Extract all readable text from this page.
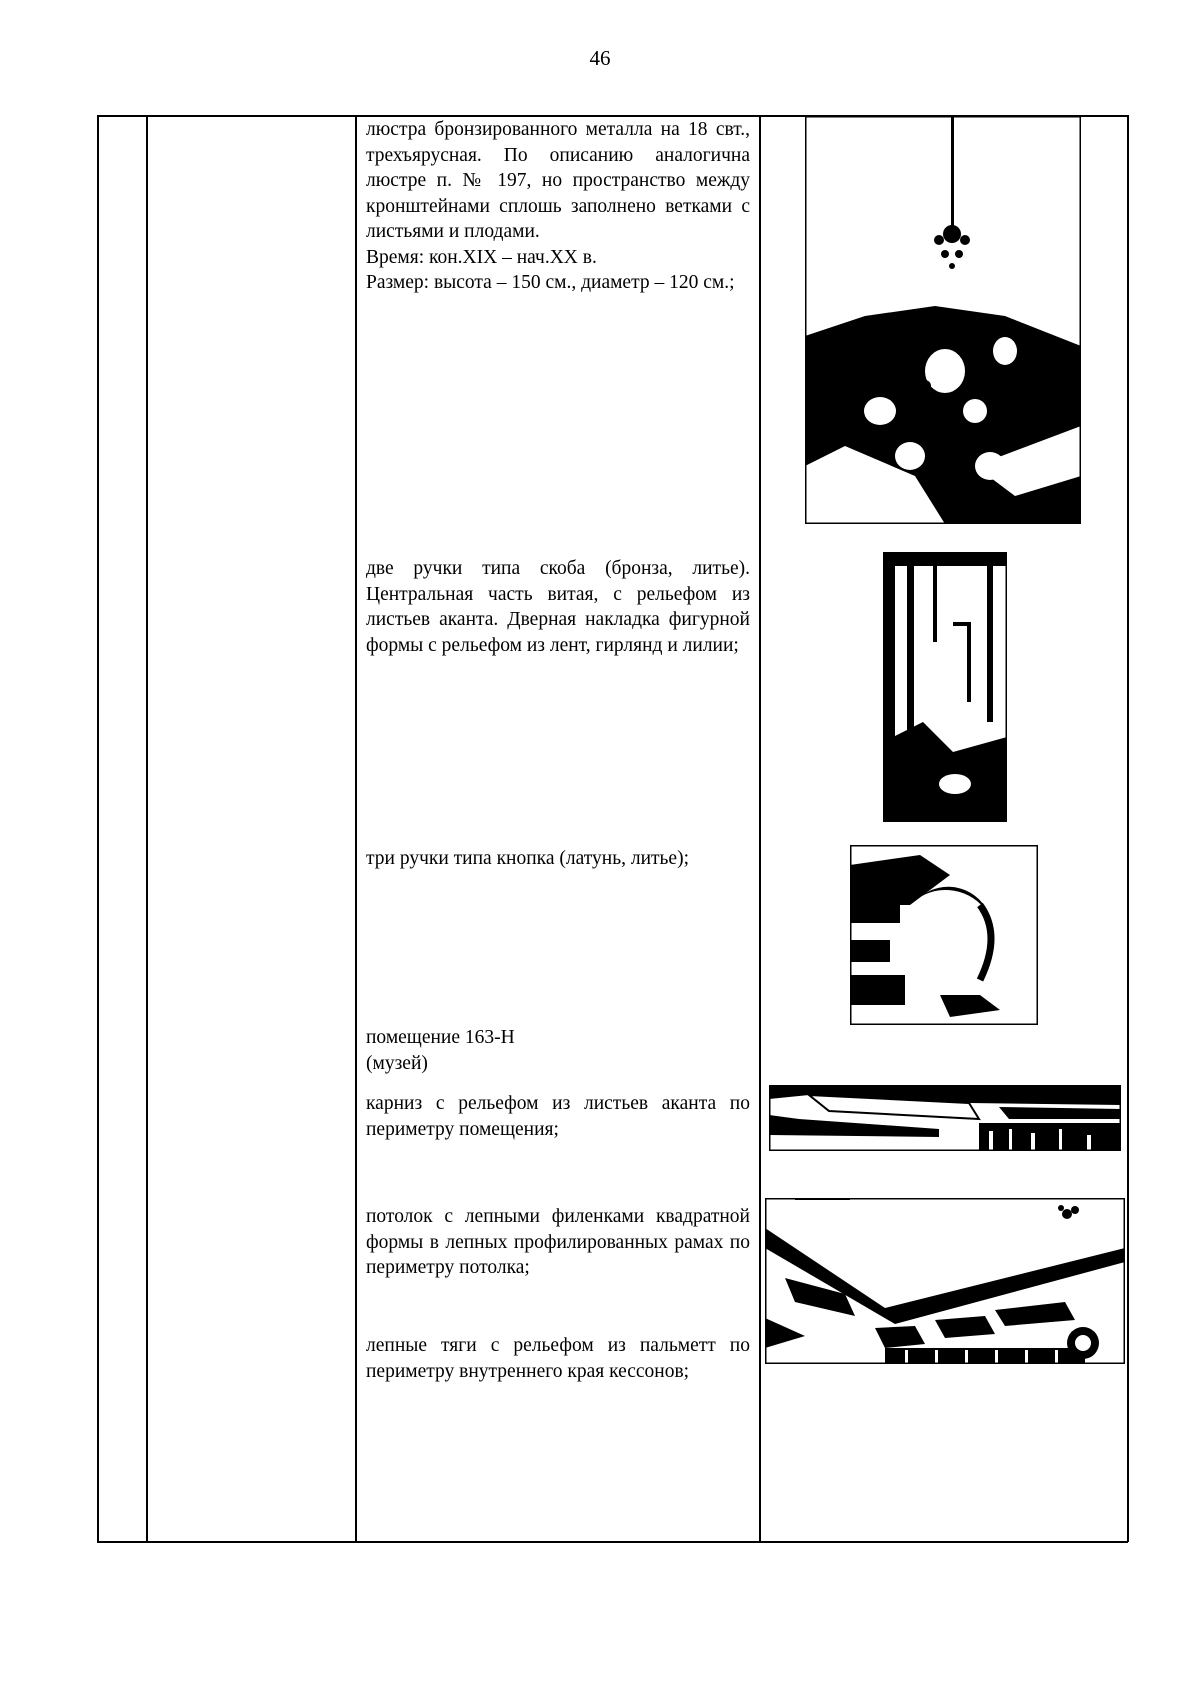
46

люстра бронзированного металла на 18 свт., трехъярусная. По описанию аналогична люстре п. № 197, но пространство между кронштейнами сплошь заполнено ветками с листьями и плодами.

Время: кон.XIX – нач.XX в.

Размер: высота – 150 см., диаметр – 120 см.;

две ручки типа скоба (бронза, литье). Центральная часть витая, с рельефом из листьев аканта. Дверная накладка фигурной формы с рельефом из лент, гирлянд и лилии;

три ручки типа кнопка (латунь, литье);

помещение 163-Н

(музей)

карниз с рельефом из листьев аканта по периметру помещения;

потолок с лепными филенками квадратной формы в лепных профилированных рамах по периметру потолка;

лепные тяги с рельефом из пальметт по периметру внутреннего края кессонов;
